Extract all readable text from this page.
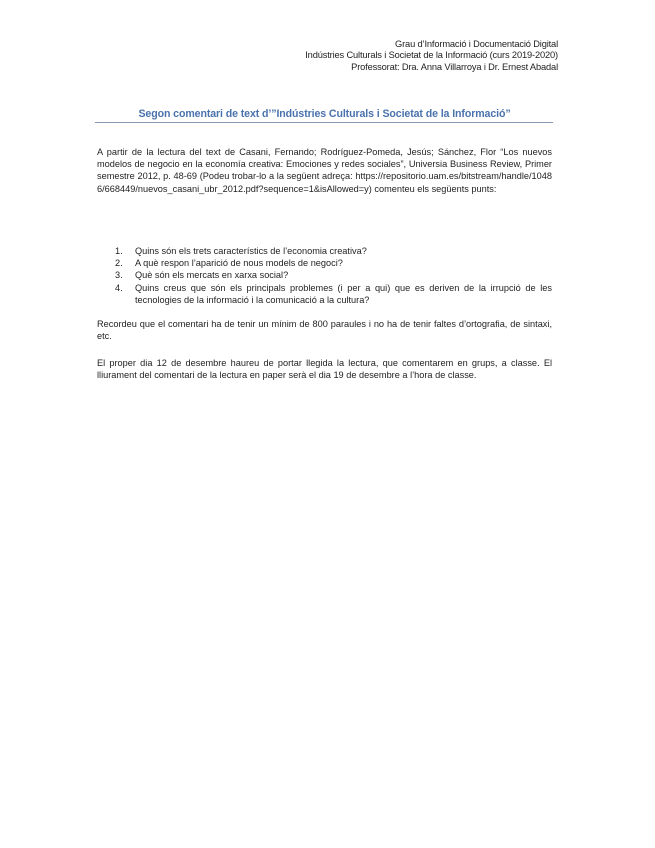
Grau d’Informació i Documentació Digital
Indústries Culturals i Societat de la Informació (curs 2019-2020)
Professorat: Dra. Anna Villarroya i Dr. Ernest Abadal
Segon comentari de text d’”Indústries Culturals i Societat de la Informació”

A partir de la lectura del text de Casani, Fernando; Rodríguez-Pomeda, Jesús; Sánchez, Flor “Los nuevos modelos de negocio en la economía creativa: Emociones y redes sociales”, Universia Business Review, Primer semestre 2012, p. 48-69 (Podeu trobar-lo a la següent adreça: https://repositorio.uam.es/bitstream/handle/10486/668449/nuevos_casani_ubr_2012.pdf?sequence=1&isAllowed=y) comenteu els següents punts:

1. Quins són els trets característics de l’economia creativa?
2. A què respon l’aparició de nous models de negoci?
3. Què són els mercats en xarxa social?
4. Quins creus que són els principals problemes (i per a qui) que es deriven de la irrupció de les tecnologies de la informació i la comunicació a la cultura?

Recordeu que el comentari ha de tenir un mínim de 800 paraules i no ha de tenir faltes d’ortografia, de sintaxi, etc.

El proper dia 12 de desembre haureu de portar llegida la lectura, que comentarem en grups, a classe. El lliurament del comentari de la lectura en paper serà el dia 19 de desembre a l’hora de classe.
